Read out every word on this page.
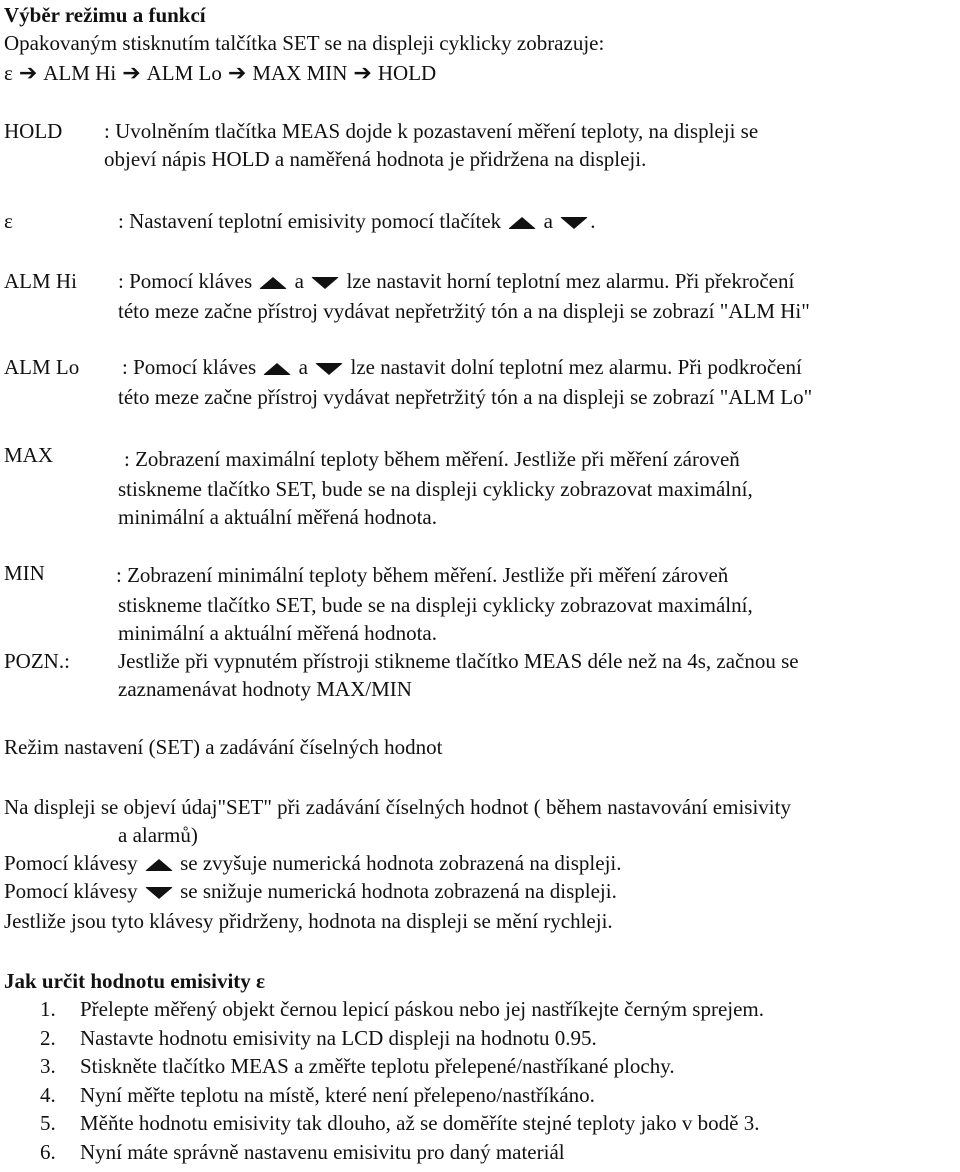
Výběr režimu a funkcí
Opakovaným stisknutím talčítka SET se na displeji cyklicky zobrazuje:
ε ➔ ALM Hi ➔ ALM Lo ➔ MAX MIN ➔ HOLD
HOLD : Uvolněním tlačítka MEAS dojde k pozastavení měření teploty, na displeji se
objeví nápis HOLD a naměřená hodnota je přidržena na displeji.
ε	: Nastavení teplotní emisivity pomocí tlačítek a .
ALM Hi : Pomocí kláves a lze nastavit horní teplotní mez alarmu. Při překročení
této meze začne přístroj vydávat nepřetržitý tón a na displeji se zobrazí "ALM Hi"
ALM Lo : Pomocí kláves a lze nastavit dolní teplotní mez alarmu. Při podkročení
této meze začne přístroj vydávat nepřetržitý tón a na displeji se zobrazí "ALM Lo"
MAX	: Zobrazení maximální teploty během měření. Jestliže při měření zároveň
stiskneme tlačítko SET, bude se na displeji cyklicky zobrazovat maximální,
minimální a aktuální měřená hodnota.
MIN	: Zobrazení minimální teploty během měření. Jestliže při měření zároveň
stiskneme tlačítko SET, bude se na displeji cyklicky zobrazovat maximální,
minimální a aktuální měřená hodnota.
POZN.: Jestliže při vypnutém přístroji stikneme tlačítko MEAS déle než na 4s, začnou se
zaznamenávat hodnoty MAX/MIN
Režim nastavení (SET) a zadávání číselných hodnot
Na displeji se objeví údaj"SET" při zadávání číselných hodnot ( během nastavování emisivity
a alarmů)
Pomocí klávesy se zvyšuje numerická hodnota zobrazená na displeji.
Pomocí klávesy se snižuje numerická hodnota zobrazená na displeji.
Jestliže jsou tyto klávesy přidrženy, hodnota na displeji se mění rychleji.
Jak určit hodnotu emisivity ε
1. Přelepte měřený objekt černou lepicí páskou nebo jej nastříkejte černým sprejem.
2. Nastavte hodnotu emisivity na LCD displeji na hodnotu 0.95.
3. Stiskněte tlačítko MEAS a změřte teplotu přelepené/nastříkané plochy.
4. Nyní měřte teplotu na místě, které není přelepeno/nastříkáno.
5. Měňte hodnotu emisivity tak dlouho, až se domĕříte stejné teploty jako v bodě 3.
6. Nyní máte správně nastavenu emisivitu pro daný materiál
